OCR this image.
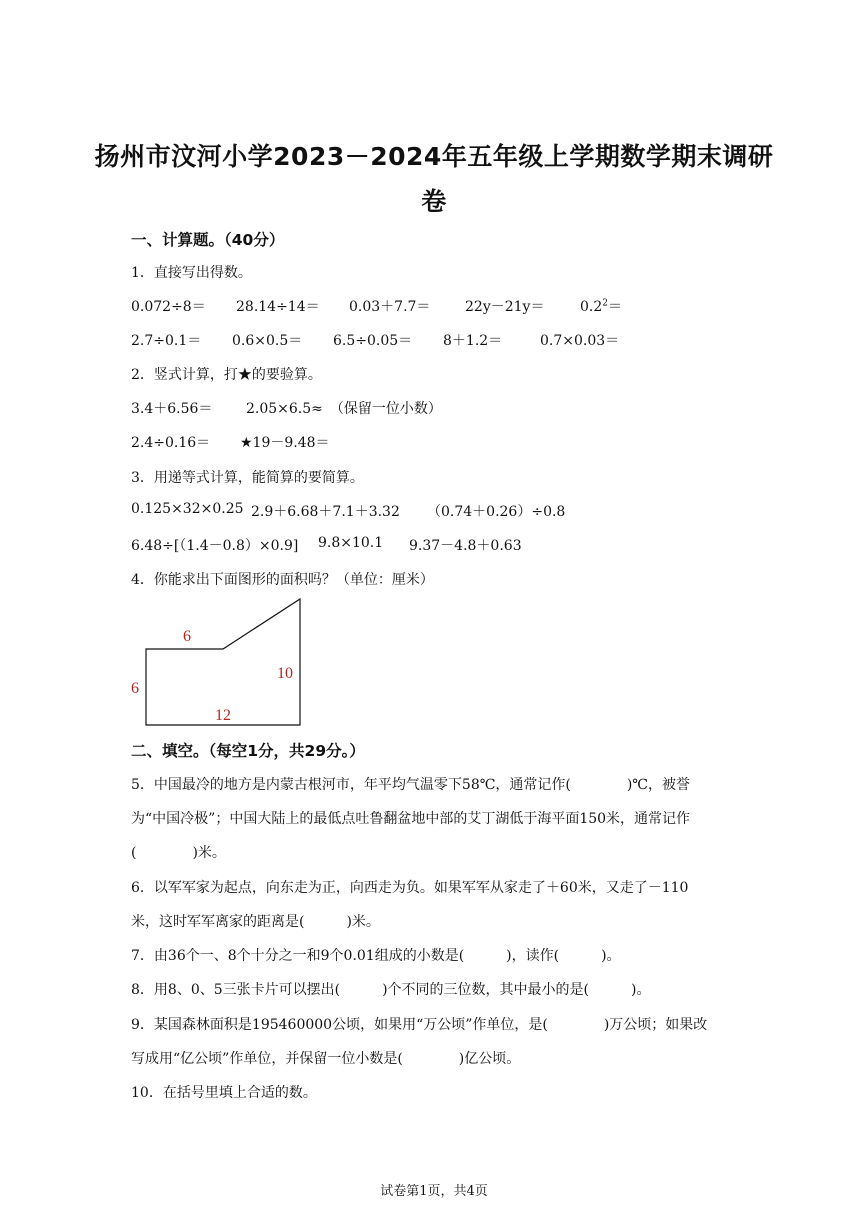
扬州市汶河小学2023－2024年五年级上学期数学期末调研
卷
一、计算题。（40分）
1．直接写出得数。
0.072÷8＝ 28.14÷14＝ 0.03＋7.7＝ 22y－21y＝	$0.2^2=$
2.7÷0.1＝ 0.6×0.5＝ 6.5÷0.05＝ 8＋1.2＝	0.7×0.03＝
2．竖式计算，打★的要验算。
3.4＋6.56＝ 2.05×6.5≈　（保留一位小数）
2.4÷0.16＝ ★19－9.48＝
3．用递等式计算，能简算的要简算。
0.125×32×0.25 2.9＋6.68＋7.1＋3.32 （0.74＋0.26）÷0.8
6.48÷[（1.4－0.8）×0.9] 9.8×10.1 9.37－4.8＋0.63
4．你能求出下面图形的面积吗？（单位：厘米）
6
6
10
12
二、填空。（每空1分，共29分。）
5．中国最冷的地方是内蒙古根河市，年平均气温零下58℃，通常记作(　　　　)℃，被誉
为“中国冷极”；中国大陆上的最低点吐鲁翻盆地中部的艾丁湖低于海平面150米，通常记作
(　　　　)米。
6．以军军家为起点，向东走为正，向西走为负。如果军军从家走了＋60米，又走了－110
米，这时军军离家的距离是(　　　)米。
7．由36个一、8个十分之一和9个0.01组成的小数是(　　　)，读作(　　　)。
8．用8、0、5三张卡片可以摆出(　　　)个不同的三位数，其中最小的是(　　　)。
9．某国森林面积是195460000公顷，如果用“万公顷”作单位，是(　　　　)万公顷；如果改
写成用“亿公顷”作单位，并保留一位小数是(　　　　)亿公顷。
10．在括号里填上合适的数。
试卷第1页，共4页
